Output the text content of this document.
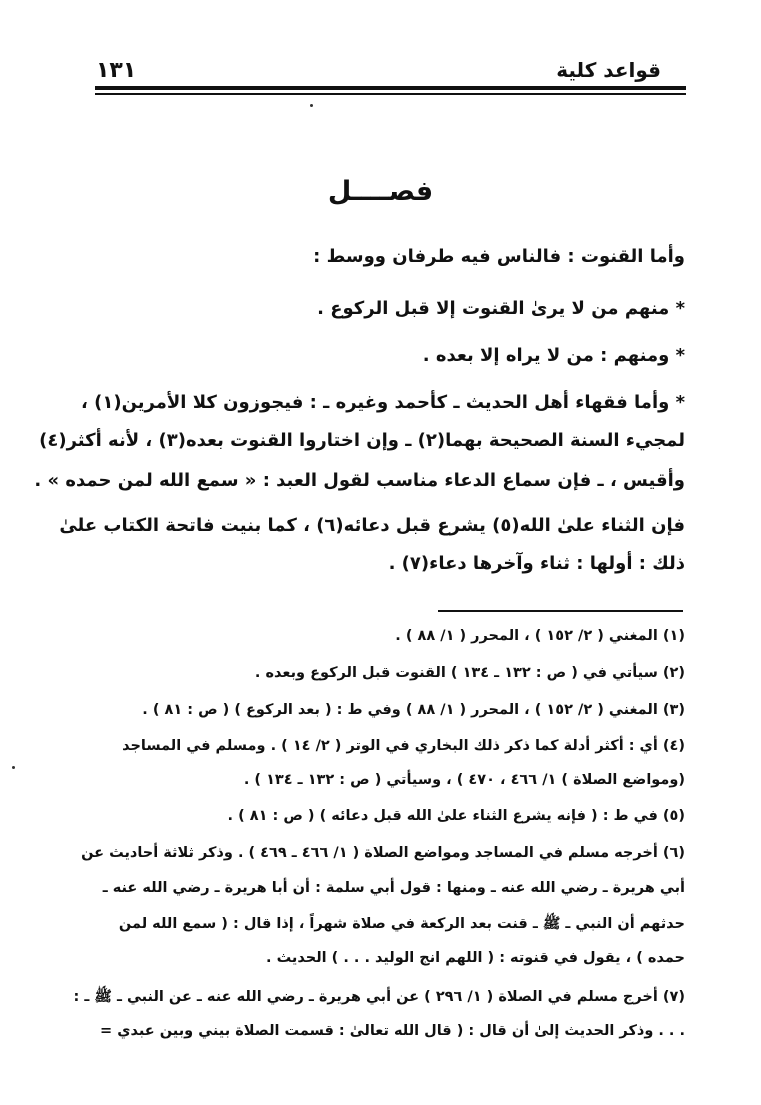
قواعد كلية
١٣١
فصــــل
وأما القنوت : فالناس فيه طرفان ووسط :
* منهم من لا يرىٰ القنوت إلا قبل الركوع .
* ومنهم : من لا يراه إلا بعده .
* وأما فقهاء أهل الحديث ـ كأحمد وغيره ـ : فيجوزون كلا الأمرين(١) ،
لمجيء السنة الصحيحة بهما(٢) ـ وإن اختاروا القنوت بعده(٣) ، لأنه أكثر(٤)
وأقيس ، ـ فإن سماع الدعاء مناسب لقول العبد : « سمع الله لمن حمده » .
فإن الثناء علىٰ الله(٥) يشرع قبل دعائه(٦) ، كما بنيت فاتحة الكتاب علىٰ
ذلك : أولها : ثناء وآخرها دعاء(٧) .
(١) المغني ( ٢/ ١٥٢ ) ، المحرر ( ١/ ٨٨ ) .
(٢) سيأتي في ( ص : ١٣٢ ـ ١٣٤ ) القنوت قبل الركوع وبعده .
(٣) المغني ( ٢/ ١٥٢ ) ، المحرر ( ١/ ٨٨ ) وفي ط : ( بعد الركوع ) ( ص : ٨١ ) .
(٤) أي : أكثر أدلة كما ذكر ذلك البخاري في الوتر ( ٢/ ١٤ ) . ومسلم في المساجد
(ومواضع الصلاة ) ١/ ٤٦٦ ، ٤٧٠ ) ، وسيأتي ( ص : ١٣٢ ـ ١٣٤ ) .
(٥) في ط : ( فإنه يشرع الثناء علىٰ الله قبل دعائه ) ( ص : ٨١ ) .
(٦) أخرجه مسلم في المساجد ومواضع الصلاة ( ١/ ٤٦٦ ـ ٤٦٩ ) . وذكر ثلاثة أحاديث عن
أبي هريرة ـ رضي الله عنه ـ ومنها : قول أبي سلمة : أن أبا هريرة ـ رضي الله عنه ـ
حدثهم أن النبي ـ ﷺ ـ قنت بعد الركعة في صلاة شهراً ، إذا قال : ( سمع الله لمن
حمده ) ، يقول في قنوته : ( اللهم انج الوليد . . . ) الحديث .
(٧) أخرج مسلم في الصلاة ( ١/ ٢٩٦ ) عن أبي هريرة ـ رضي الله عنه ـ عن النبي ـ ﷺ ـ :
. . . وذكر الحديث إلىٰ أن قال : ( قال الله تعالىٰ : قسمت الصلاة بيني وبين عبدي =
